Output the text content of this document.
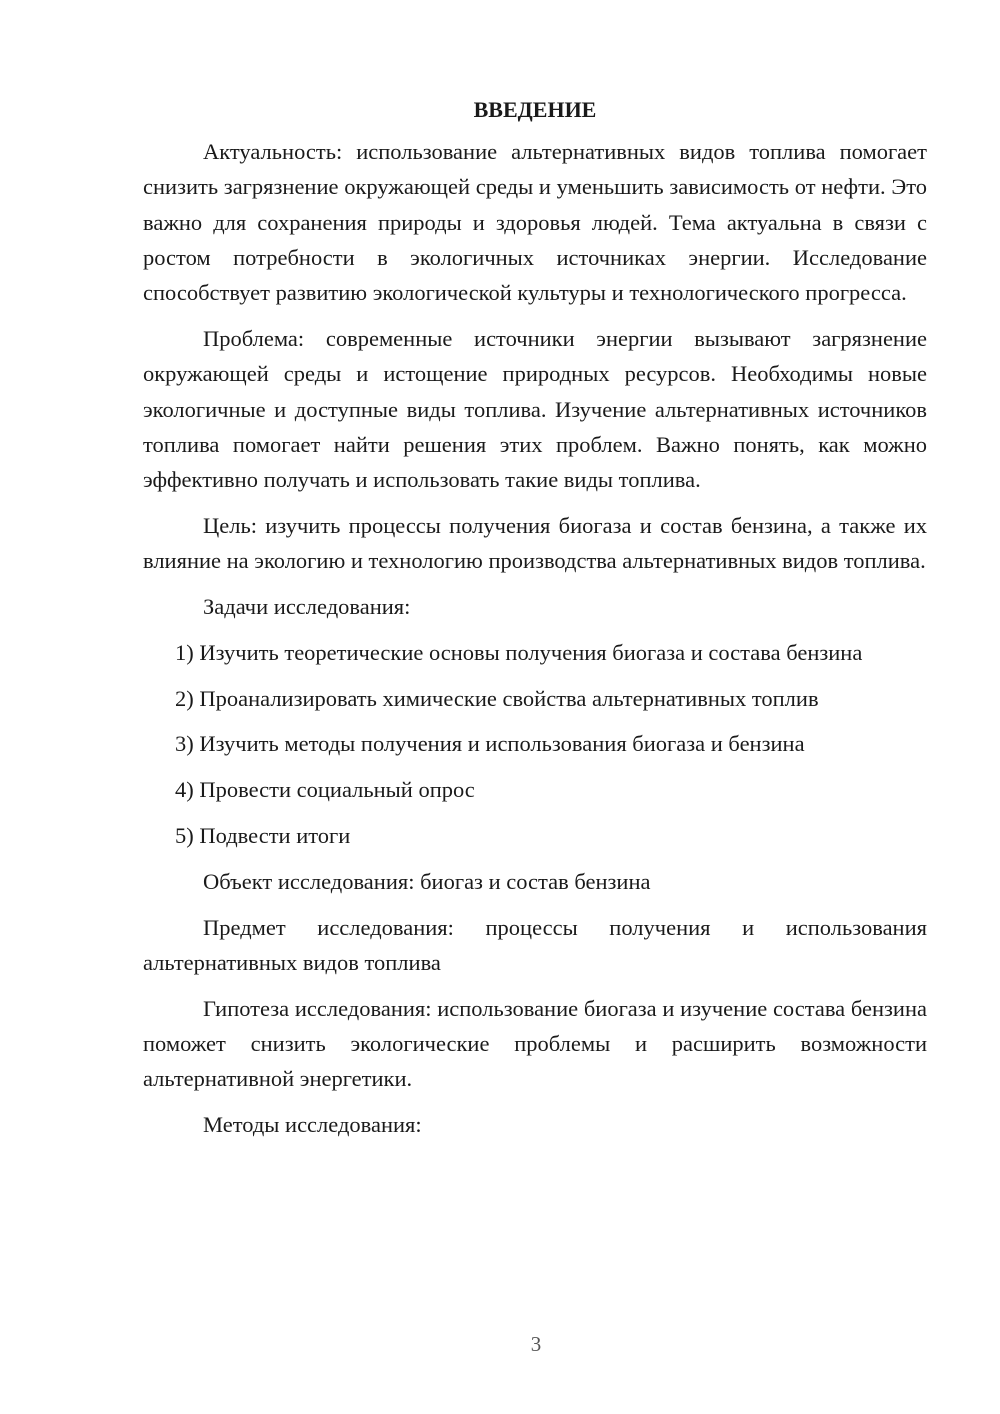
ВВЕДЕНИЕ

Актуальность: использование альтернативных видов топлива помогает снизить загрязнение окружающей среды и уменьшить зависимость от нефти. Это важно для сохранения природы и здоровья людей. Тема актуальна в связи с ростом потребности в экологичных источниках энергии. Исследование способствует развитию экологической культуры и технологического прогресса.

Проблема: современные источники энергии вызывают загрязнение окружающей среды и истощение природных ресурсов. Необходимы новые экологичные и доступные виды топлива. Изучение альтернативных источников топлива помогает найти решения этих проблем. Важно понять, как можно эффективно получать и использовать такие виды топлива.

Цель: изучить процессы получения биогаза и состав бензина, а также их влияние на экологию и технологию производства альтернативных видов топлива.

Задачи исследования:

1) Изучить теоретические основы получения биогаза и состава бензина

2) Проанализировать химические свойства альтернативных топлив

3) Изучить методы получения и использования биогаза и бензина

4) Провести социальный опрос

5) Подвести итоги

Объект исследования: биогаз и состав бензина

Предмет исследования: процессы получения и использования альтернативных видов топлива

Гипотеза исследования: использование биогаза и изучение состава бензина поможет снизить экологические проблемы и расширить возможности альтернативной энергетики.

Методы исследования:

3
